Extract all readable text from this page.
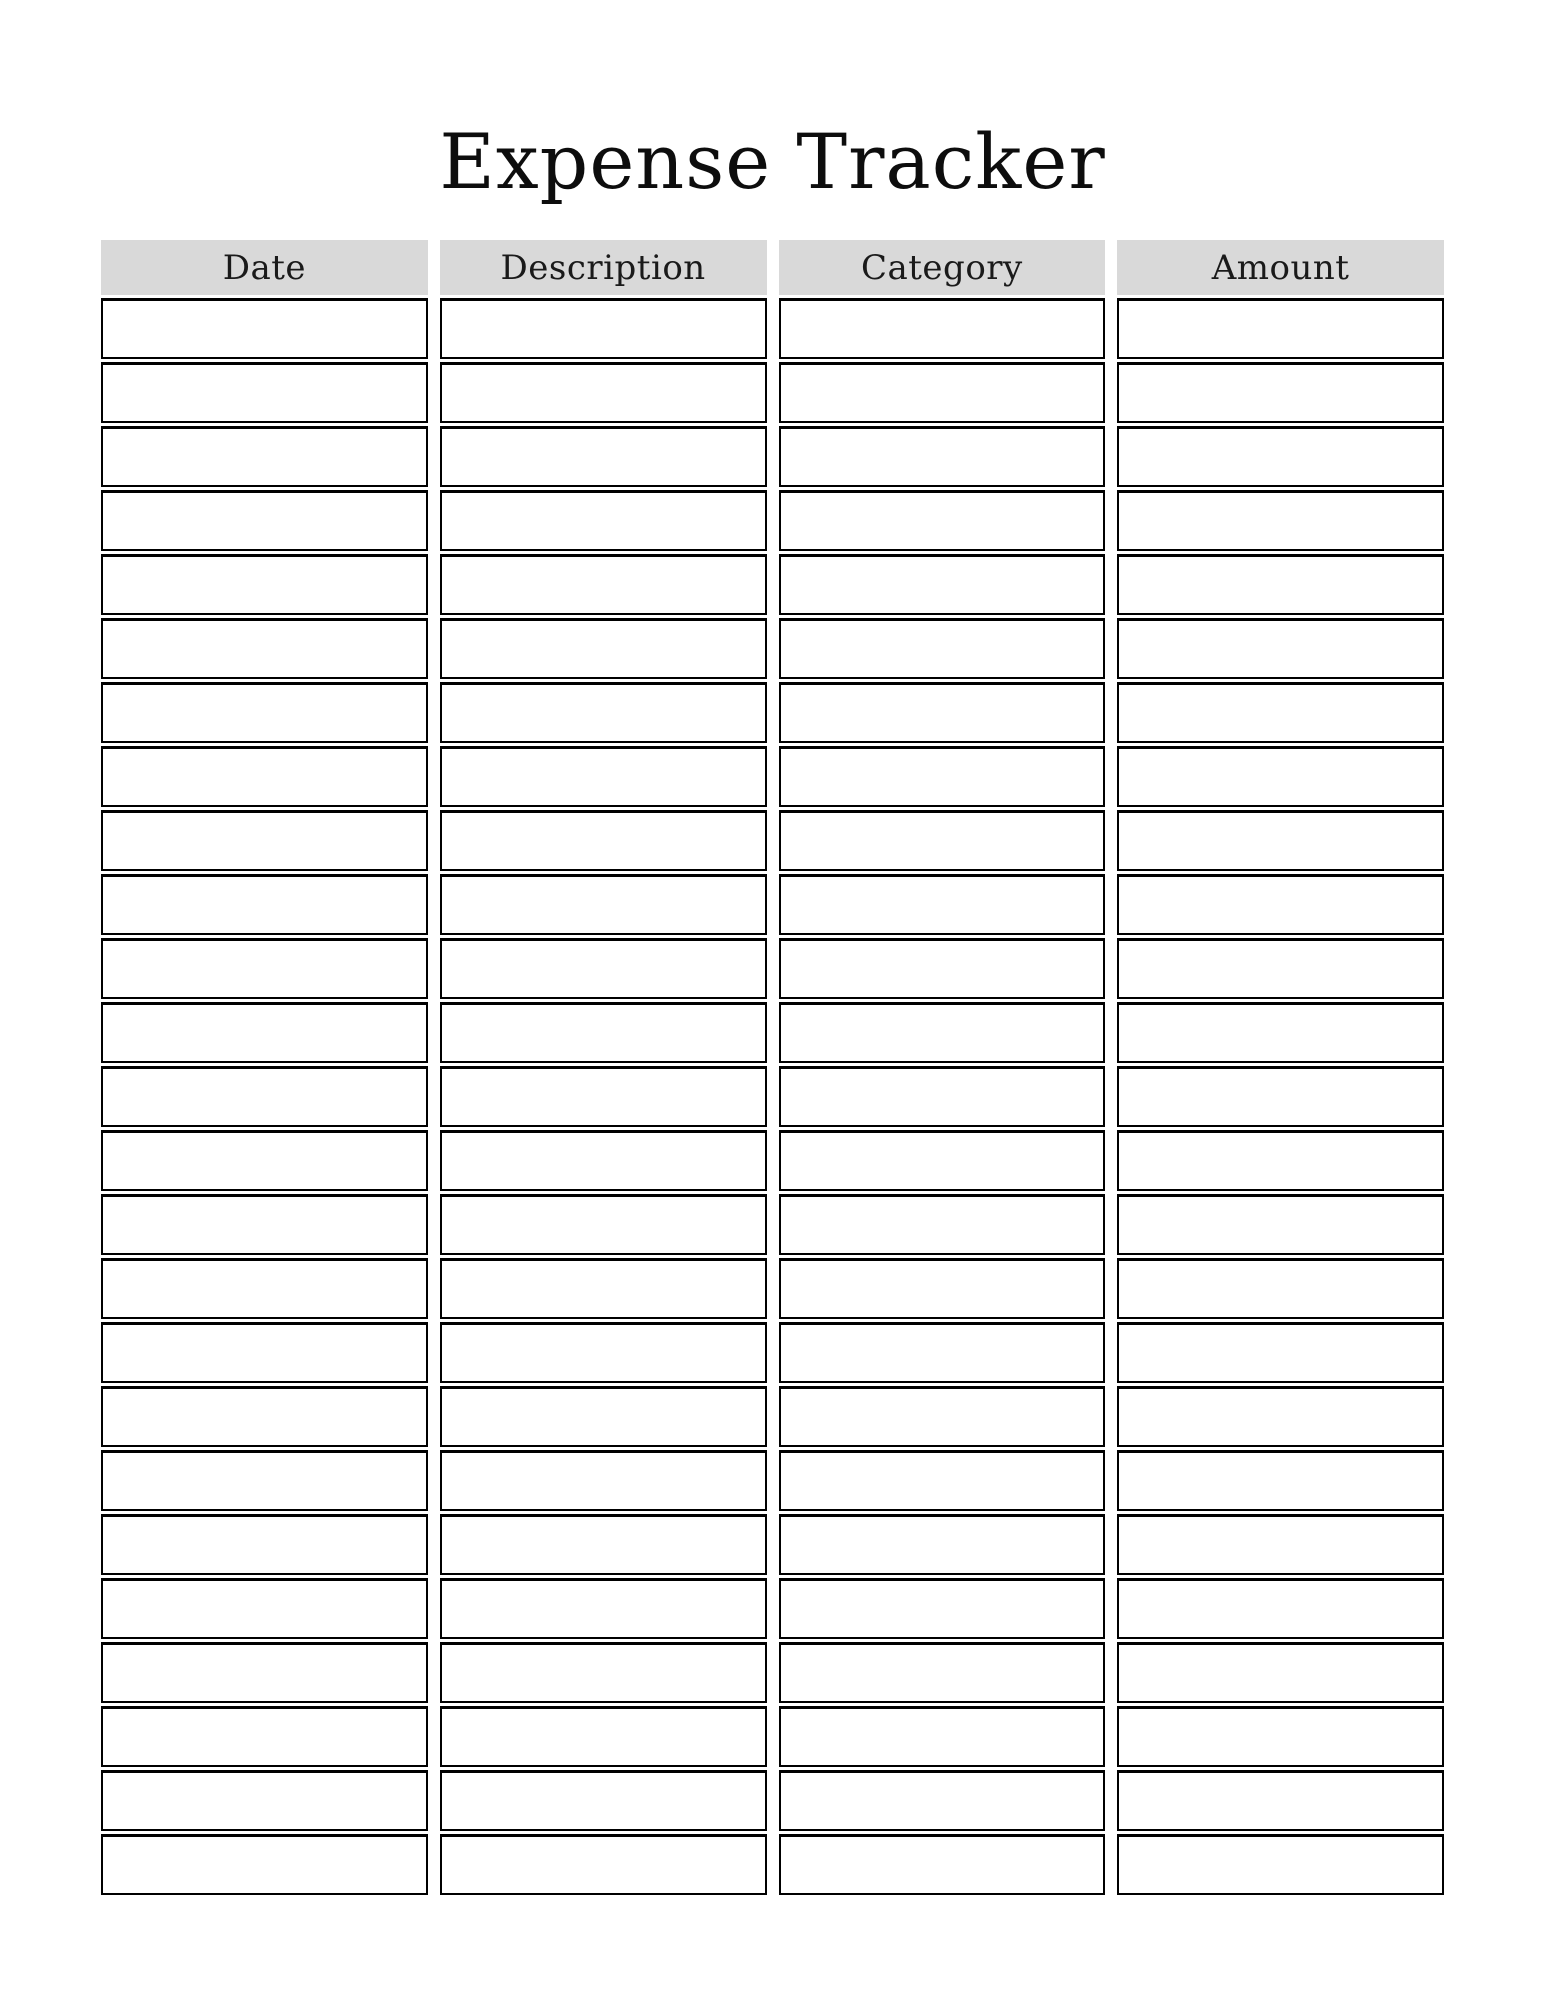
Expense Tracker
Date	Description	Category	Amount
